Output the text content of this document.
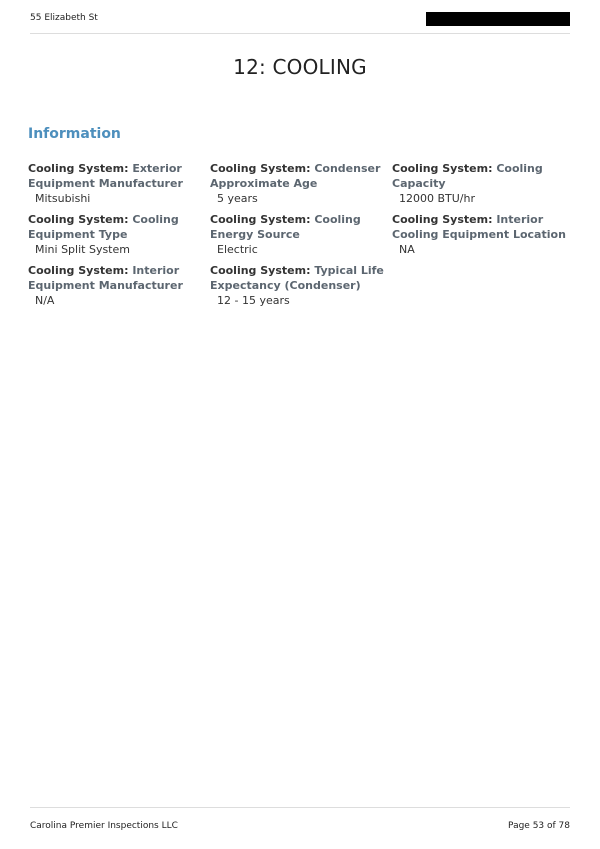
55 Elizabeth St
12: COOLING
Information
Cooling System: Exterior Equipment Manufacturer
Mitsubishi
Cooling System: Condenser Approximate Age
5 years
Cooling System: Cooling Capacity
12000 BTU/hr
Cooling System: Cooling Equipment Type
Mini Split System
Cooling System: Cooling Energy Source
Electric
Cooling System: Interior Cooling Equipment Location
NA
Cooling System: Interior Equipment Manufacturer
N/A
Cooling System: Typical Life Expectancy (Condenser)
12 - 15 years
Carolina Premier Inspections LLC	Page 53 of 78
